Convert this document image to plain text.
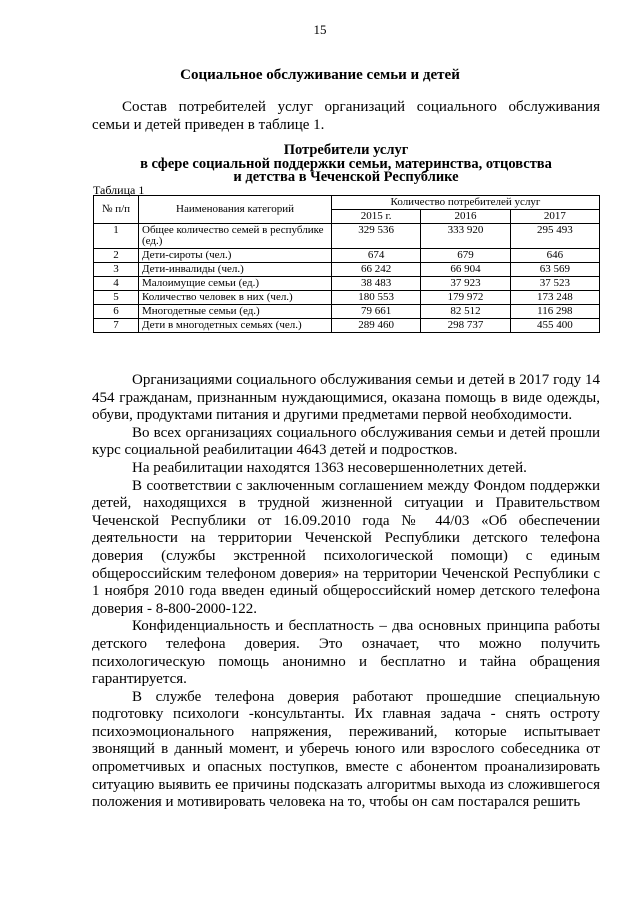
15
Социальное обслуживание семьи и детей
Состав потребителей услуг организаций социального обслуживания семьи и детей приведен в таблице 1.
Потребители услуг
в сфере социальной поддержки семьи, материнства, отцовства
и детства в Чеченской Республике
Таблица 1
№ п/п	Наименования категорий	Количество потребителей услуг		
		2015 г.	2016	2017
1	Общее количество семей в республике (ед.)	329 536	333 920	295 493
2	Дети-сироты (чел.)	674	679	646
3	Дети-инвалиды (чел.)	66 242	66 904	63 569
4	Малоимущие семьи (ед.)	38 483	37 923	37 523
5	Количество человек в них (чел.)	180 553	179 972	173 248
6	Многодетные семьи (ед.)	79 661	82 512	116 298
7	Дети в многодетных семьях (чел.)	289 460	298 737	455 400

Организациями социального обслуживания семьи и детей в 2017 году 14 454 гражданам, признанным нуждающимися, оказана помощь в виде одежды, обуви, продуктами питания и другими предметами первой необходимости.

Во всех организациях социального обслуживания семьи и детей прошли курс социальной реабилитации 4643 детей и подростков.

На реабилитации находятся 1363 несовершеннолетних детей.

В соответствии с заключенным соглашением между Фондом поддержки детей, находящихся в трудной жизненной ситуации и Правительством Чеченской Республики от 16.09.2010 года № 44/03 «Об обеспечении деятельности на территории Чеченской Республики детского телефона доверия (службы экстренной психологической помощи) с единым общероссийским телефоном доверия» на территории Чеченской Республики с 1 ноября 2010 года введен единый общероссийский номер детского телефона доверия - 8-800-2000-122.

Конфиденциальность и бесплатность – два основных принципа работы детского телефона доверия. Это означает, что можно получить психологическую помощь анонимно и бесплатно и тайна обращения гарантируется.

В службе телефона доверия работают прошедшие специальную подготовку психологи -консультанты. Их главная задача - снять остроту психоэмоционального напряжения, переживаний, которые испытывает звонящий в данный момент, и уберечь юного или взрослого собеседника от опрометчивых и опасных поступков, вместе с абонентом проанализировать ситуацию выявить ее причины подсказать алгоритмы выхода из сложившегося положения и мотивировать человека на то, чтобы он сам постарался решить
